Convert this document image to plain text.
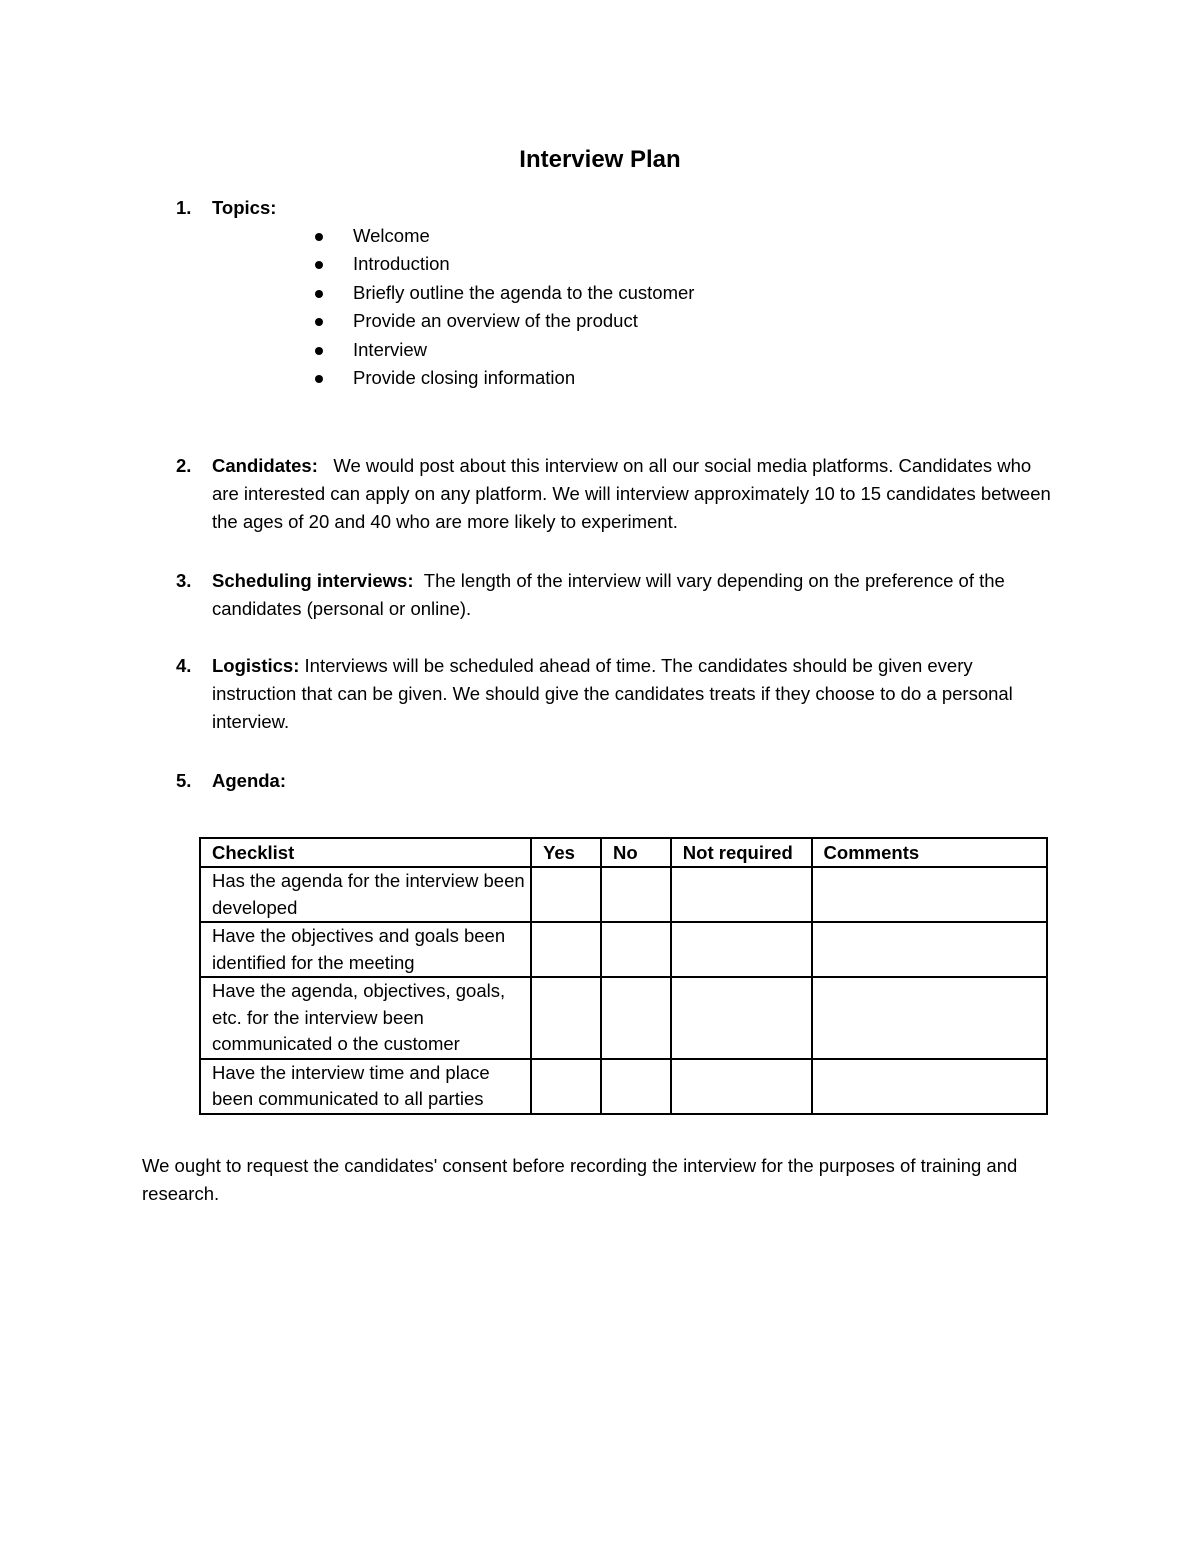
Interview Plan
1.	Topics:
Welcome
Introduction
Briefly outline the agenda to the customer
Provide an overview of the product
Interview
Provide closing information
2.	Candidates: We would post about this interview on all our social media platforms. Candidates who are interested can apply on any platform. We will interview approximately 10 to 15 candidates between the ages of 20 and 40 who are more likely to experiment.
3.	Scheduling interviews: The length of the interview will vary depending on the preference of the candidates (personal or online).
4.	Logistics: Interviews will be scheduled ahead of time. The candidates should be given every instruction that can be given. We should give the candidates treats if they choose to do a personal interview.
5.	Agenda:
Checklist	Yes	No	Not required	Comments
Has the agenda for the interview been developed				
Have the objectives and goals been identified for the meeting				
Have the agenda, objectives, goals, etc. for the interview been communicated o the customer				
Have the interview time and place been communicated to all parties				
We ought to request the candidates' consent before recording the interview for the purposes of training and research.
